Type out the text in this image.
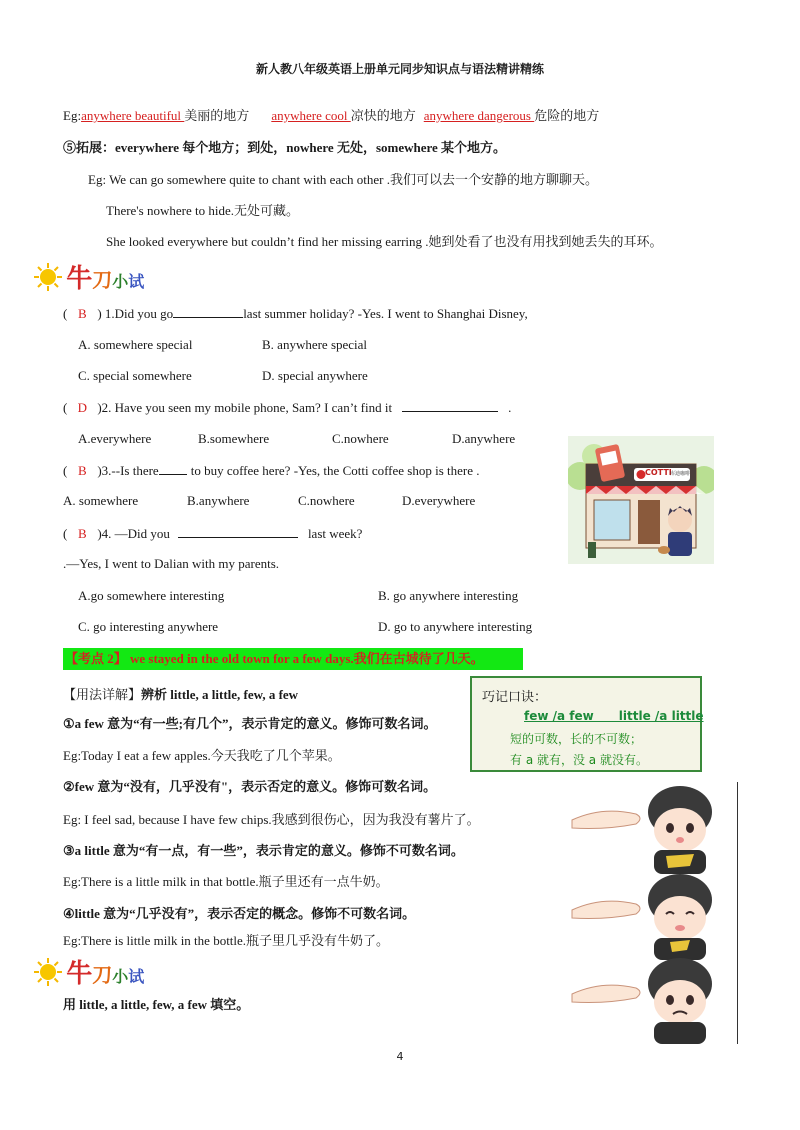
新人教八年级英语上册单元同步知识点与语法精讲精练
Eg:anywhere beautiful 美丽的地方 anywhere cool 凉快的地方 anywhere dangerous 危险的地方
⑤拓展：everywhere 每个地方；到处，nowhere 无处，somewhere 某个地方。
Eg: We can go somewhere quite to chant with each other .我们可以去一个安静的地方聊聊天。
There's nowhere to hide.无处可藏。
She looked everywhere but couldn’t find her missing earring .她到处看了也没有用找到她丢失的耳环。
牛刀小试
( B ) 1.Did you go	last summer holiday? -Yes. I went to Shanghai Disney,
A. somewhere special	B. anywhere special
C. special somewhere	D. special anywhere
( D )2. Have you seen my mobile phone, Sam? I can’t find it	.
A.everywhere	B.somewhere	C.nowhere	D.anywhere
( B )3.--Is there to buy coffee here? -Yes, the Cotti coffee shop is there .
A. somewhere	B.anywhere	C.nowhere	D.everywhere
( B )4. —Did you	last week?
.—Yes, I went to Dalian with my parents.
A.go somewhere interesting	B. go anywhere interesting
C. go interesting anywhere	D. go to anywhere interesting
COTTI
库迪咖啡
【考点 2】 we stayed in the old town for a few days.我们在古城待了几天。
【用法详解】辨析 little, a little, few, a few
①a few 意为“有一些;有几个”，表示肯定的意义。修饰可数名词。
Eg:Today I eat a few apples.今天我吃了几个苹果。
②few 意为“没有，几乎没有"，表示否定的意义。修饰可数名词。
Eg: I feel sad, because I have few chips.我感到很伤心，因为我没有薯片了。
③a little 意为“有一点，有一些”，表示肯定的意义。修饰不可数名词。
Eg:There is a little milk in that bottle.瓶子里还有一点牛奶。
④little 意为“几乎没有”，表示否定的概念。修饰不可数名词。
Eg:There is little milk in the bottle.瓶子里几乎没有牛奶了。
巧记口诀：
few /a few      little /a little
短的可数，长的不可数；
有 a 就有，没 a 就没有。
牛刀小试
用 little, a little, few, a few 填空。
4
